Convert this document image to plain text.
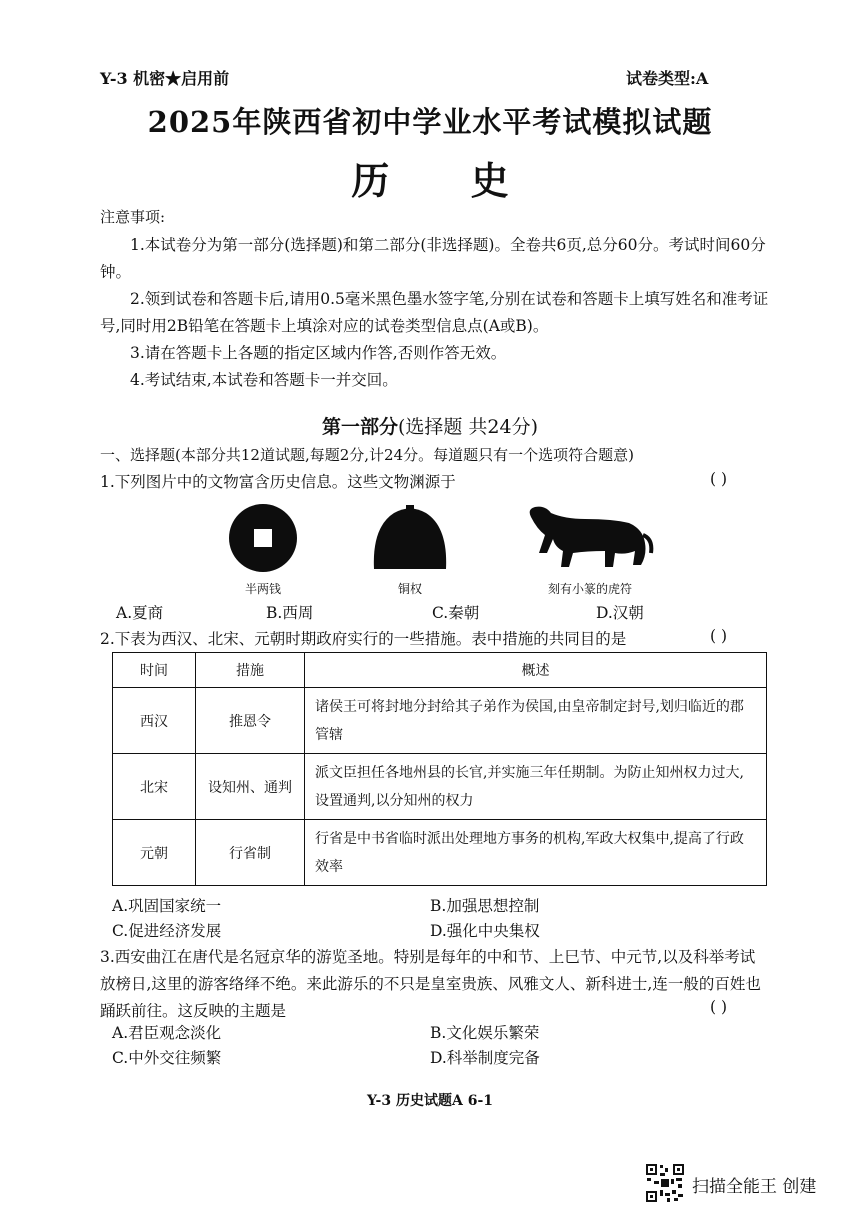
Y-3 机密★启用前	试卷类型:A
2025年陕西省初中学业水平考试模拟试题
历 史
注意事项:

1.本试卷分为第一部分(选择题)和第二部分(非选择题)。全卷共6页,总分60分。考试时间60分钟。

2.领到试卷和答题卡后,请用0.5毫米黑色墨水签字笔,分别在试卷和答题卡上填写姓名和准考证号,同时用2B铅笔在答题卡上填涂对应的试卷类型信息点(A或B)。

3.请在答题卡上各题的指定区域内作答,否则作答无效。

4.考试结束,本试卷和答题卡一并交回。

第一部分(选择题 共24分)
一、选择题(本部分共12道试题,每题2分,计24分。每道题只有一个选项符合题意)
1.下列图片中的文物富含历史信息。这些文物渊源于	( )
半两钱	铜权	刻有小篆的虎符
A.夏商	B.西周	C.秦朝	D.汉朝
2.下表为西汉、北宋、元朝时期政府实行的一些措施。表中措施的共同目的是	( )
时间	措施	概述
西汉	推恩令	诸侯王可将封地分封给其子弟作为侯国,由皇帝制定封号,划归临近的郡管辖
北宋	设知州、通判	派文臣担任各地州县的长官,并实施三年任期制。为防止知州权力过大,设置通判,以分知州的权力
元朝	行省制	行省是中书省临时派出处理地方事务的机构,军政大权集中,提高了行政效率
A.巩固国家统一	B.加强思想控制
C.促进经济发展	D.强化中央集权
3.西安曲江在唐代是名冠京华的游览圣地。特别是每年的中和节、上巳节、中元节,以及科举考试放榜日,这里的游客络绎不绝。来此游乐的不只是皇室贵族、风雅文人、新科进士,连一般的百姓也踊跃前往。这反映的主题是	( )
A.君臣观念淡化	B.文化娱乐繁荣
C.中外交往频繁	D.科举制度完备
Y-3 历史试题A 6-1
扫描全能王 创建
